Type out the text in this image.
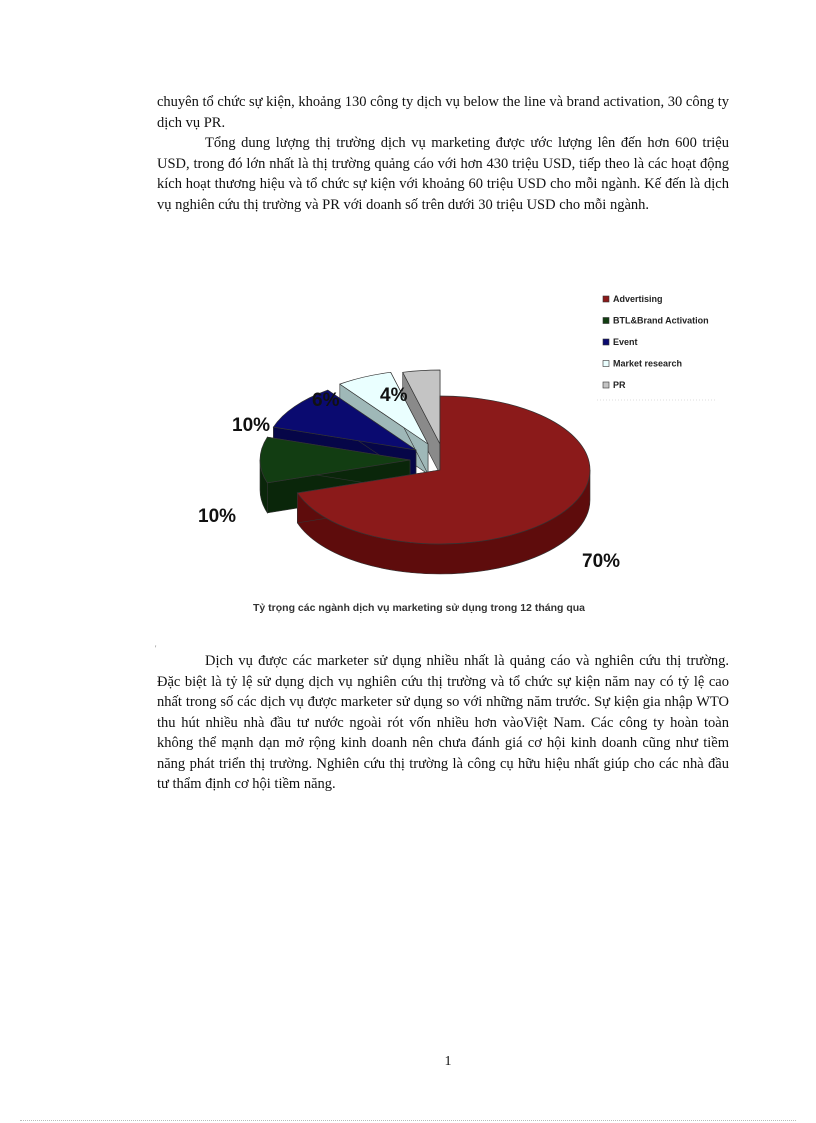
chuyên tổ chức sự kiện, khoảng 130 công ty dịch vụ below the line và brand activation, 30 công ty dịch vụ PR.

Tổng dung lượng thị trường dịch vụ marketing được ước lượng lên đến hơn 600 triệu USD, trong đó lớn nhất là thị trường quảng cáo với hơn 430 triệu USD, tiếp theo là các hoạt động kích hoạt thương hiệu và tổ chức sự kiện với khoảng 60 triệu USD cho mỗi ngành. Kế đến là dịch vụ nghiên cứu thị trường và PR với doanh số trên dưới 30 triệu USD cho mỗi ngành.

4%
6%
10%
10%
70%
Advertising
BTL&Brand Activation
Event
Market research
PR
Tỷ trọng các ngành dịch vụ marketing sử dụng trong 12 tháng qua
'

Dịch vụ được các marketer sử dụng nhiều nhất là quảng cáo và nghiên cứu thị trường. Đặc biệt là tỷ lệ sử dụng dịch vụ nghiên cứu thị trường và tổ chức sự kiện năm nay có tỷ lệ cao nhất trong số các dịch vụ được marketer sử dụng so với những năm trước. Sự kiện gia nhập WTO thu hút nhiều nhà đầu tư nước ngoài rót vốn nhiều hơn vàoViệt Nam. Các công ty hoàn toàn không thể mạnh dạn mở rộng kinh doanh nên chưa đánh giá cơ hội kinh doanh cũng như tiềm năng phát triển thị trường. Nghiên cứu thị trường là công cụ hữu hiệu nhất giúp cho các nhà đầu tư thẩm định cơ hội tiềm năng.

1
